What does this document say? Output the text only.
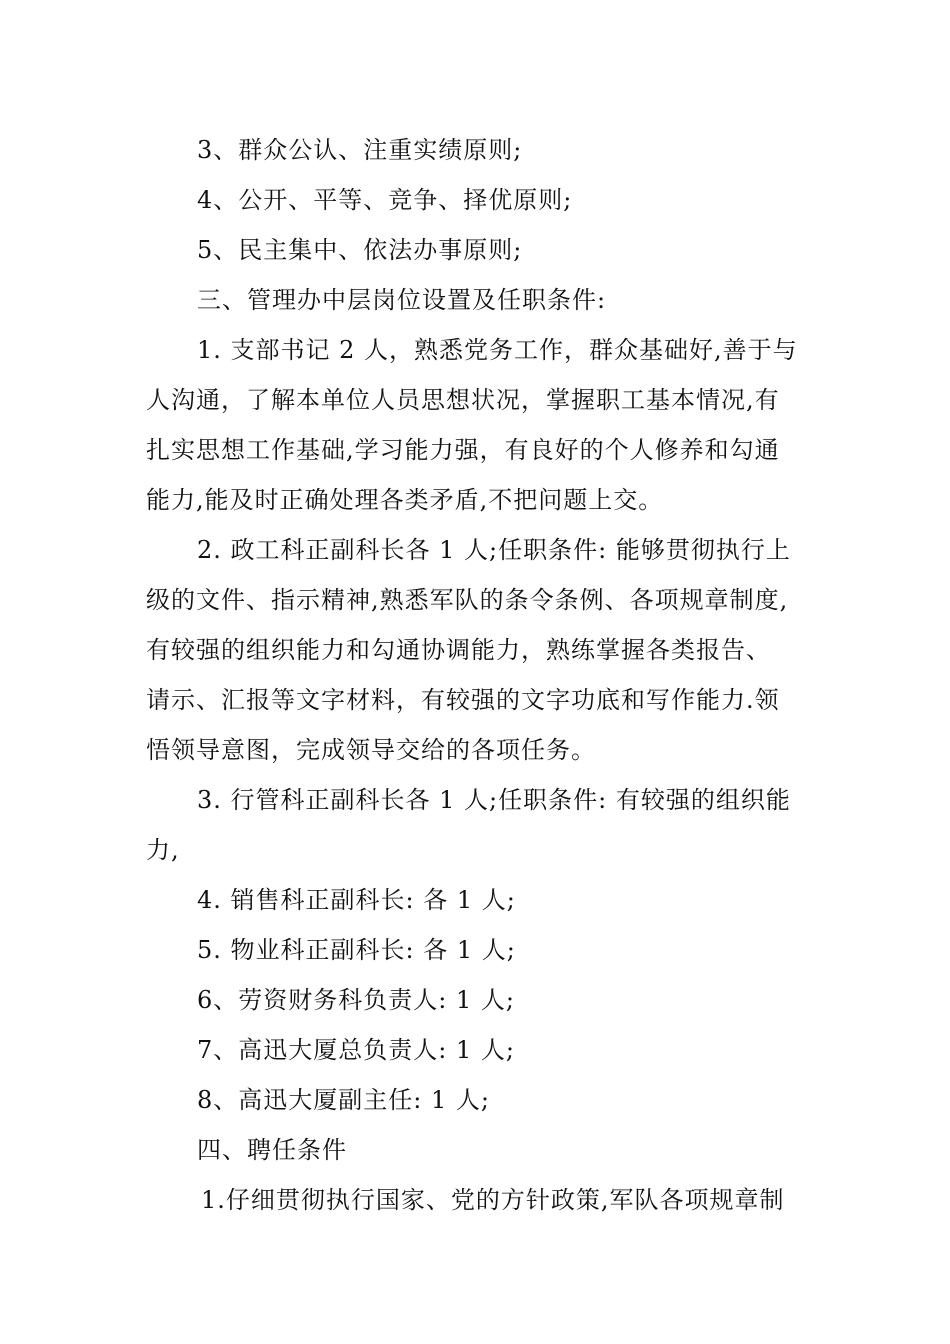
3、群众公认、注重实绩原则;
4、公开、平等、竞争、择优原则;
5、民主集中、依法办事原则;
三、管理办中层岗位设置及任职条件:
1. 支部书记 2 人，熟悉党务工作，群众基础好,善于与
人沟通，了解本单位人员思想状况，掌握职工基本情况,有
扎实思想工作基础,学习能力强，有良好的个人修养和勾通
能力,能及时正确处理各类矛盾,不把问题上交。
2. 政工科正副科长各 1 人;任职条件: 能够贯彻执行上
级的文件、指示精神,熟悉军队的条令条例、各项规章制度,
有较强的组织能力和勾通协调能力，熟练掌握各类报告、
请示、汇报等文字材料，有较强的文字功底和写作能力.领
悟领导意图，完成领导交给的各项任务。
3. 行管科正副科长各 1 人;任职条件: 有较强的组织能
力,
4. 销售科正副科长: 各 1 人;
5. 物业科正副科长: 各 1 人;
6、劳资财务科负责人: 1 人;
7、高迅大厦总负责人: 1 人;
8、高迅大厦副主任: 1 人;
四、聘任条件
1.仔细贯彻执行国家、党的方针政策,军队各项规章制
